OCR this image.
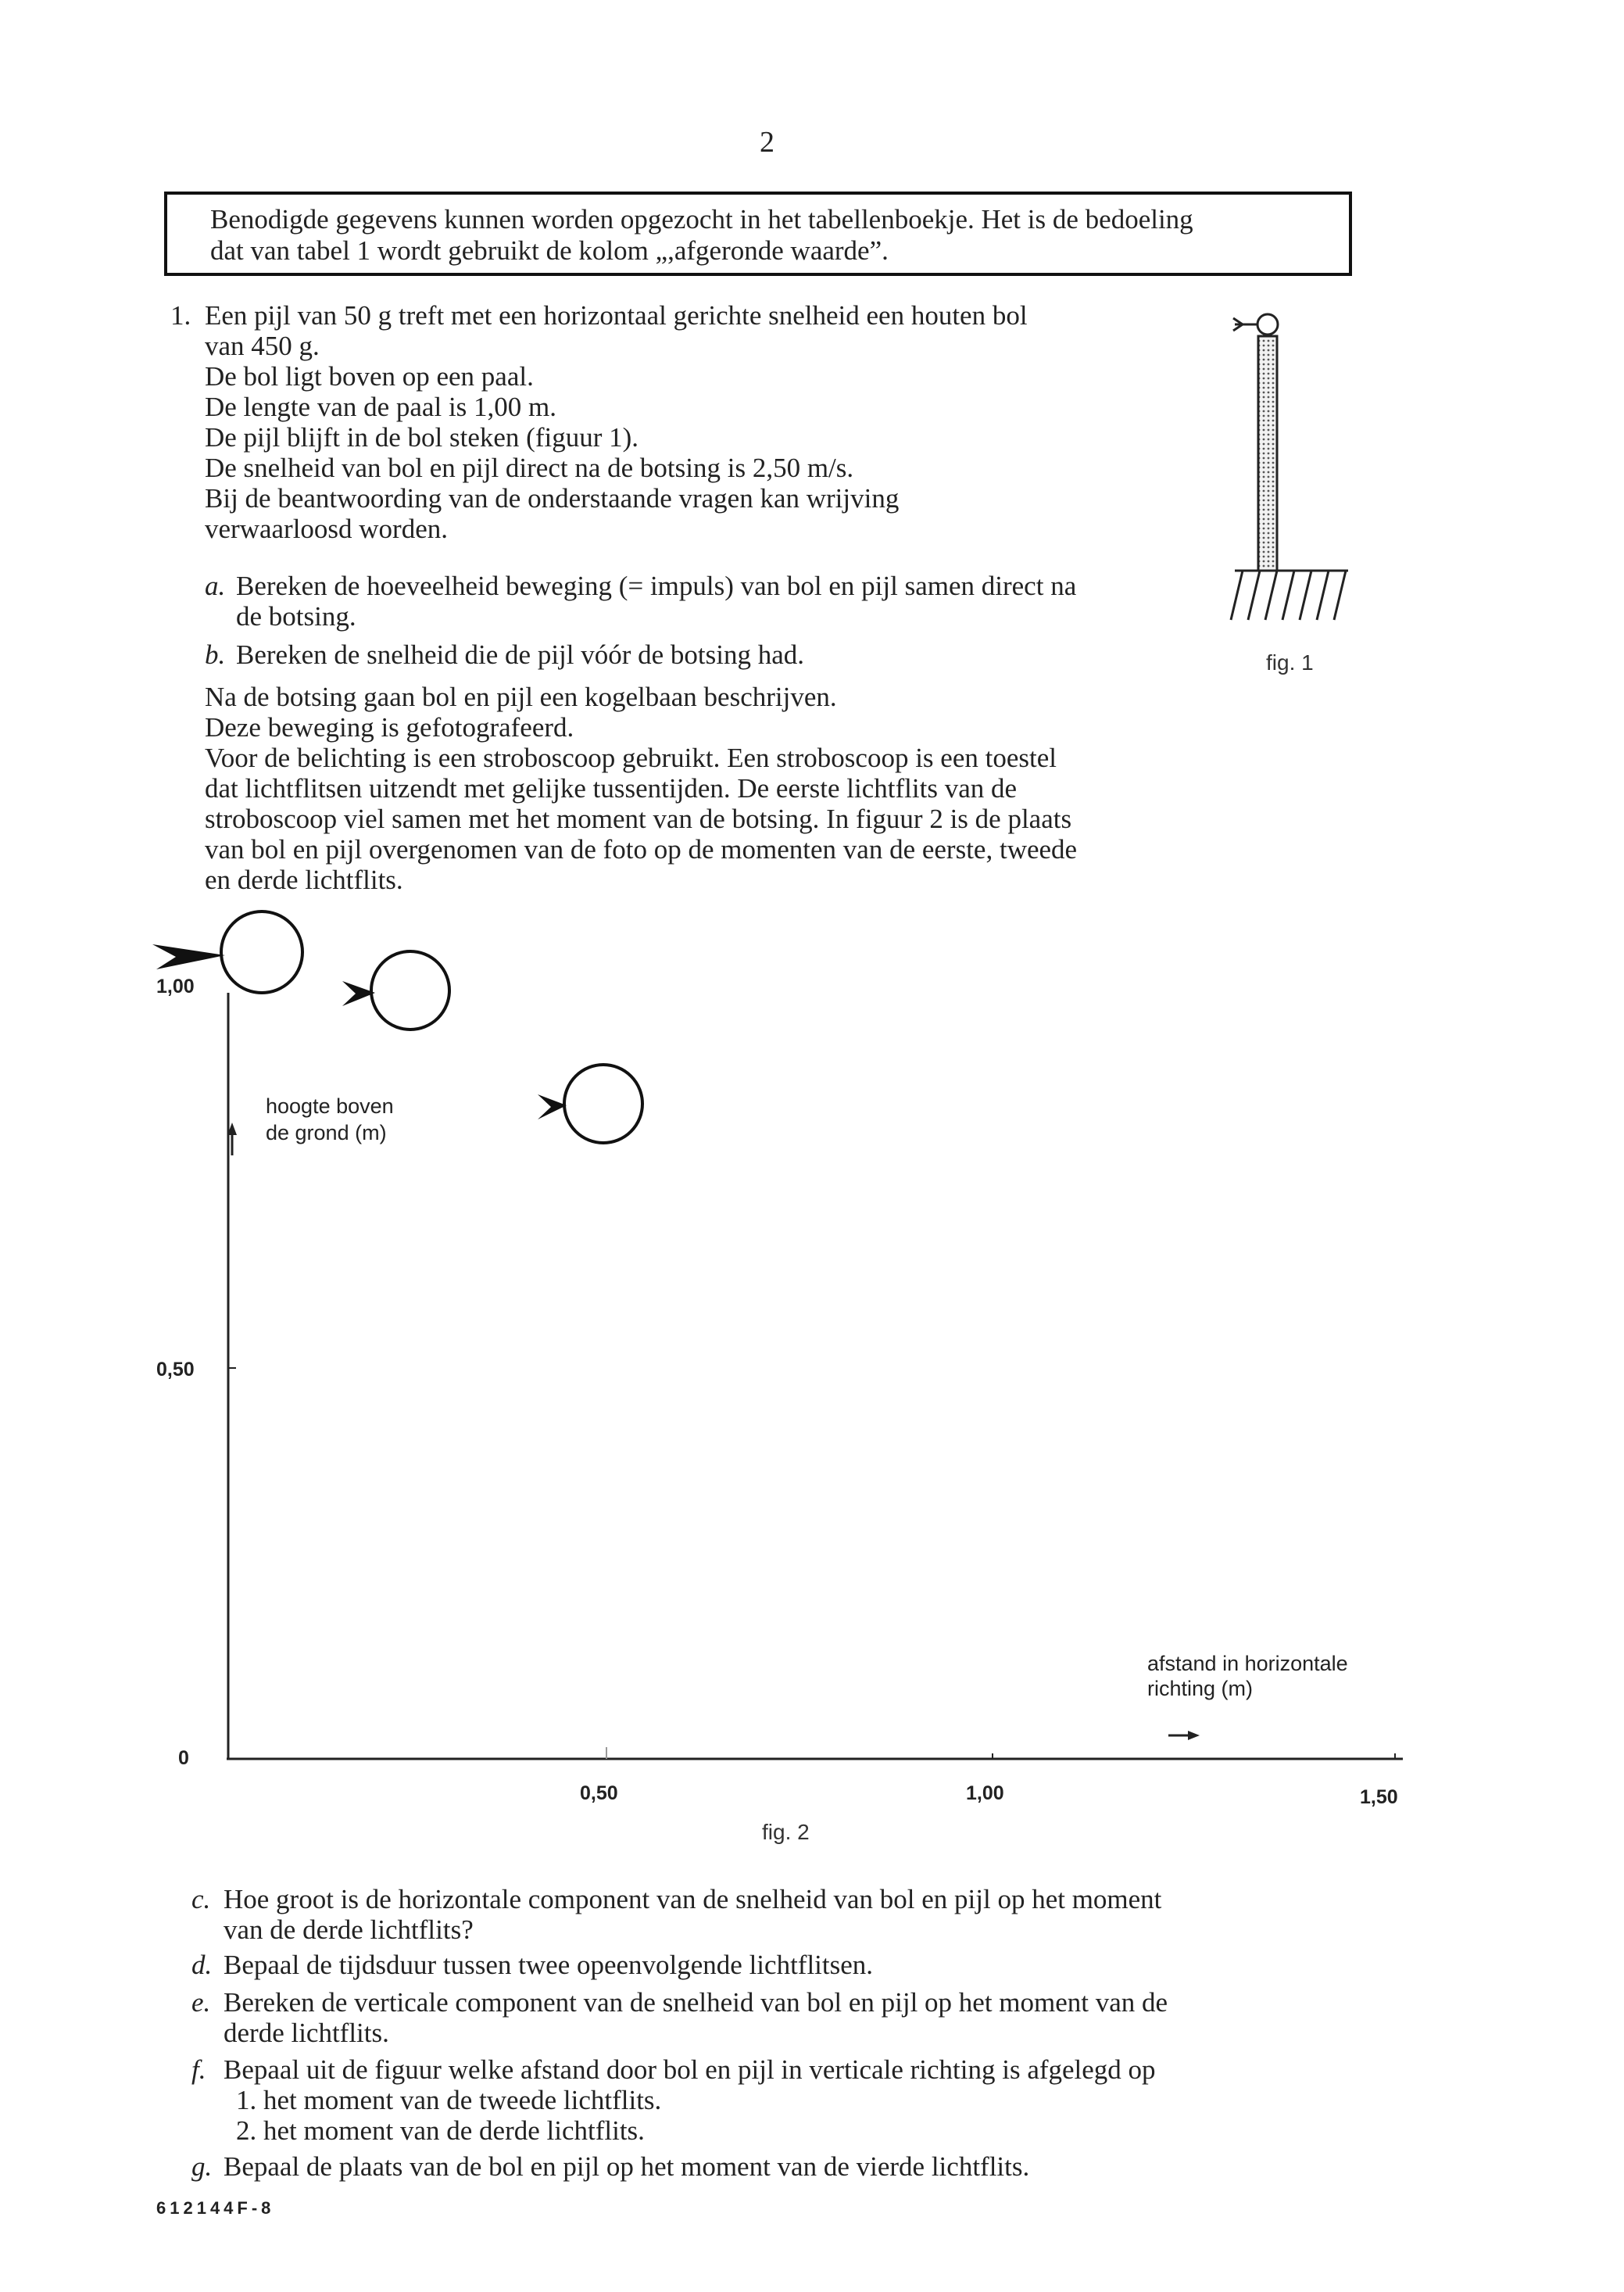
2
Benodigde gegevens kunnen worden opgezocht in het tabellenboekje. Het is de bedoeling
dat van tabel 1 wordt gebruikt de kolom „,afgeronde waarde”.
1. Een pijl van 50 g treft met een horizontaal gerichte snelheid een houten bol
van 450 g.
De bol ligt boven op een paal.
De lengte van de paal is 1,00 m.
De pijl blijft in de bol steken (figuur 1).
De snelheid van bol en pijl direct na de botsing is 2,50 m/s.
Bij de beantwoording van de onderstaande vragen kan wrijving
verwaarloosd worden.
a. Bereken de hoeveelheid beweging (= impuls) van bol en pijl samen direct na
de botsing.
b. Bereken de snelheid die de pijl vóór de botsing had.
Na de botsing gaan bol en pijl een kogelbaan beschrijven.
Deze beweging is gefotografeerd.
Voor de belichting is een stroboscoop gebruikt. Een stroboscoop is een toestel
dat lichtflitsen uitzendt met gelijke tussentijden. De eerste lichtflits van de
stroboscoop viel samen met het moment van de botsing. In figuur 2 is de plaats
van bol en pijl overgenomen van de foto op de momenten van de eerste, tweede
en derde lichtflits.
fig. 1
1,00
0,50
0
0,50	1,00	1,50
hoogte boven
de grond (m)
afstand in horizontale
richting (m)
fig. 2
c. Hoe groot is de horizontale component van de snelheid van bol en pijl op het moment
van de derde lichtflits?
d. Bepaal de tijdsduur tussen twee opeenvolgende lichtflitsen.
e. Bereken de verticale component van de snelheid van bol en pijl op het moment van de
derde lichtflits.
f. Bepaal uit de figuur welke afstand door bol en pijl in verticale richting is afgelegd op
1. het moment van de tweede lichtflits.
2. het moment van de derde lichtflits.
g. Bepaal de plaats van de bol en pijl op het moment van de vierde lichtflits.
612144F-8
